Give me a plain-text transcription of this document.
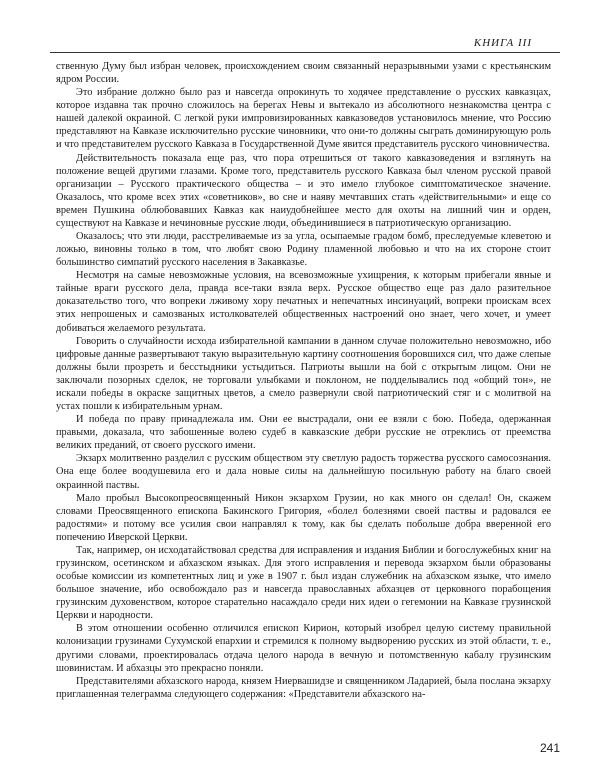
КНИГА III

ственную Думу был избран человек, происхождением своим связанный неразрывными узами с крестьянским ядром России.

Это избрание должно было раз и навсегда опрокинуть то ходячее представление о русских кавказцах, которое издавна так прочно сложилось на берегах Невы и вытекало из абсолютного незнакомства центра с нашей далекой окраиной. С легкой руки импровизированных кавказоведов установилось мнение, что Россию представляют на Кавказе исключительно русские чиновники, что они-то должны сыграть доминирующую роль и что представителем русского Кавказа в Государственной Думе явится представитель русского чиновничества.

Действительность показала еще раз, что пора отрешиться от такого кавказоведения и взглянуть на положение вещей другими глазами. Кроме того, представитель русского Кавказа был членом русской правой организации – Русского практического общества – и это имело глубокое симптоматическое значение. Оказалось, что кроме всех этих «советников», во сне и наяву мечтавших стать «действительными» и еще со времен Пушкина облюбовавших Кавказ как наиудобнейшее место для охоты на лишний чин и орден, существуют на Кавказе и нечиновные русские люди, объединившиеся в патриотическую организацию.

Оказалось; что эти люди, расстреливаемые из за угла, осыпаемые градом бомб, преследуемые клеветою и ложью, виновны только в том, что любят свою Родину пламенной любовью и что на их стороне стоит большинство симпатий русского населения в Закавказье.

Несмотря на самые невозможные условия, на всевозможные ухищрения, к которым прибегали явные и тайные враги русского дела, правда все-таки взяла верх. Русское общество еще раз дало разительное доказательство того, что вопреки лживому хору печатных и непечатных инсинуаций, вопреки проискам всех этих непрошеных и самозваных истолкователей общественных настроений оно знает, чего хочет, и умеет добиваться желаемого результата.

Говорить о случайности исхода избирательной кампании в данном случае положительно невозможно, ибо цифровые данные развертывают такую выразительную картину соотношения боровшихся сил, что даже слепые должны были прозреть и бесстыдники устыдиться. Патриоты вышли на бой с открытым лицом. Они не заключали позорных сделок, не торговали улыбками и поклоном, не подделывались под «общий тон», не искали победы в окраске защитных цветов, а смело развернули свой патриотический стяг и с молитвой на устах пошли к избирательным урнам.

И победа по праву принадлежала им. Они ее выстрадали, они ее взяли с бою. Победа, одержанная правыми, доказала, что забошенные волею судеб в кавказские дебри русские не отреклись от преемства великих преданий, от своего русского имени.

Экзарх молитвенно разделил с русским обществом эту светлую радость торжества русского самосознания. Она еще более воодушевила его и дала новые силы на дальнейшую посильную работу на благо своей окраинной паствы.

Мало пробыл Высокопреосвященный Никон экзархом Грузии, но как много он сделал! Он, скажем словами Преосвященного епископа Бакинского Григория, «болел болезнями своей паствы и радовался ее радостями» и потому все усилия свои направлял к тому, как бы сделать побольше добра вверенной его попечению Иверской Церкви.

Так, например, он исходатайствовал средства для исправления и издания Библии и богослужебных книг на грузинском, осетинском и абхазском языках. Для этого исправления и перевода экзархом были образованы особые комиссии из компетентных лиц и уже в 1907 г. был издан служебник на абхазском языке, что имело большое значение, ибо освобождало раз и навсегда православных абхазцев от церковного порабощения грузинским духовенством, которое старательно насаждало среди них идеи о гегемонии на Кавказе грузинской Церкви и народности.

В этом отношении особенно отличился епископ Кирион, который изобрел целую систему правильной колонизации грузинами Сухумской епархии и стремился к полному выдворению русских из этой области, т. е., другими словами, проектировалась отдача целого народа в вечную и потомственную кабалу грузинским шовинистам. И абхазцы это прекрасно поняли.

Представителями абхазского народа, князем Ниервашидзе и священником Ладарией, была послана экзарху приглашенная телеграмма следующего содержания: «Представители абхазского на-

241
